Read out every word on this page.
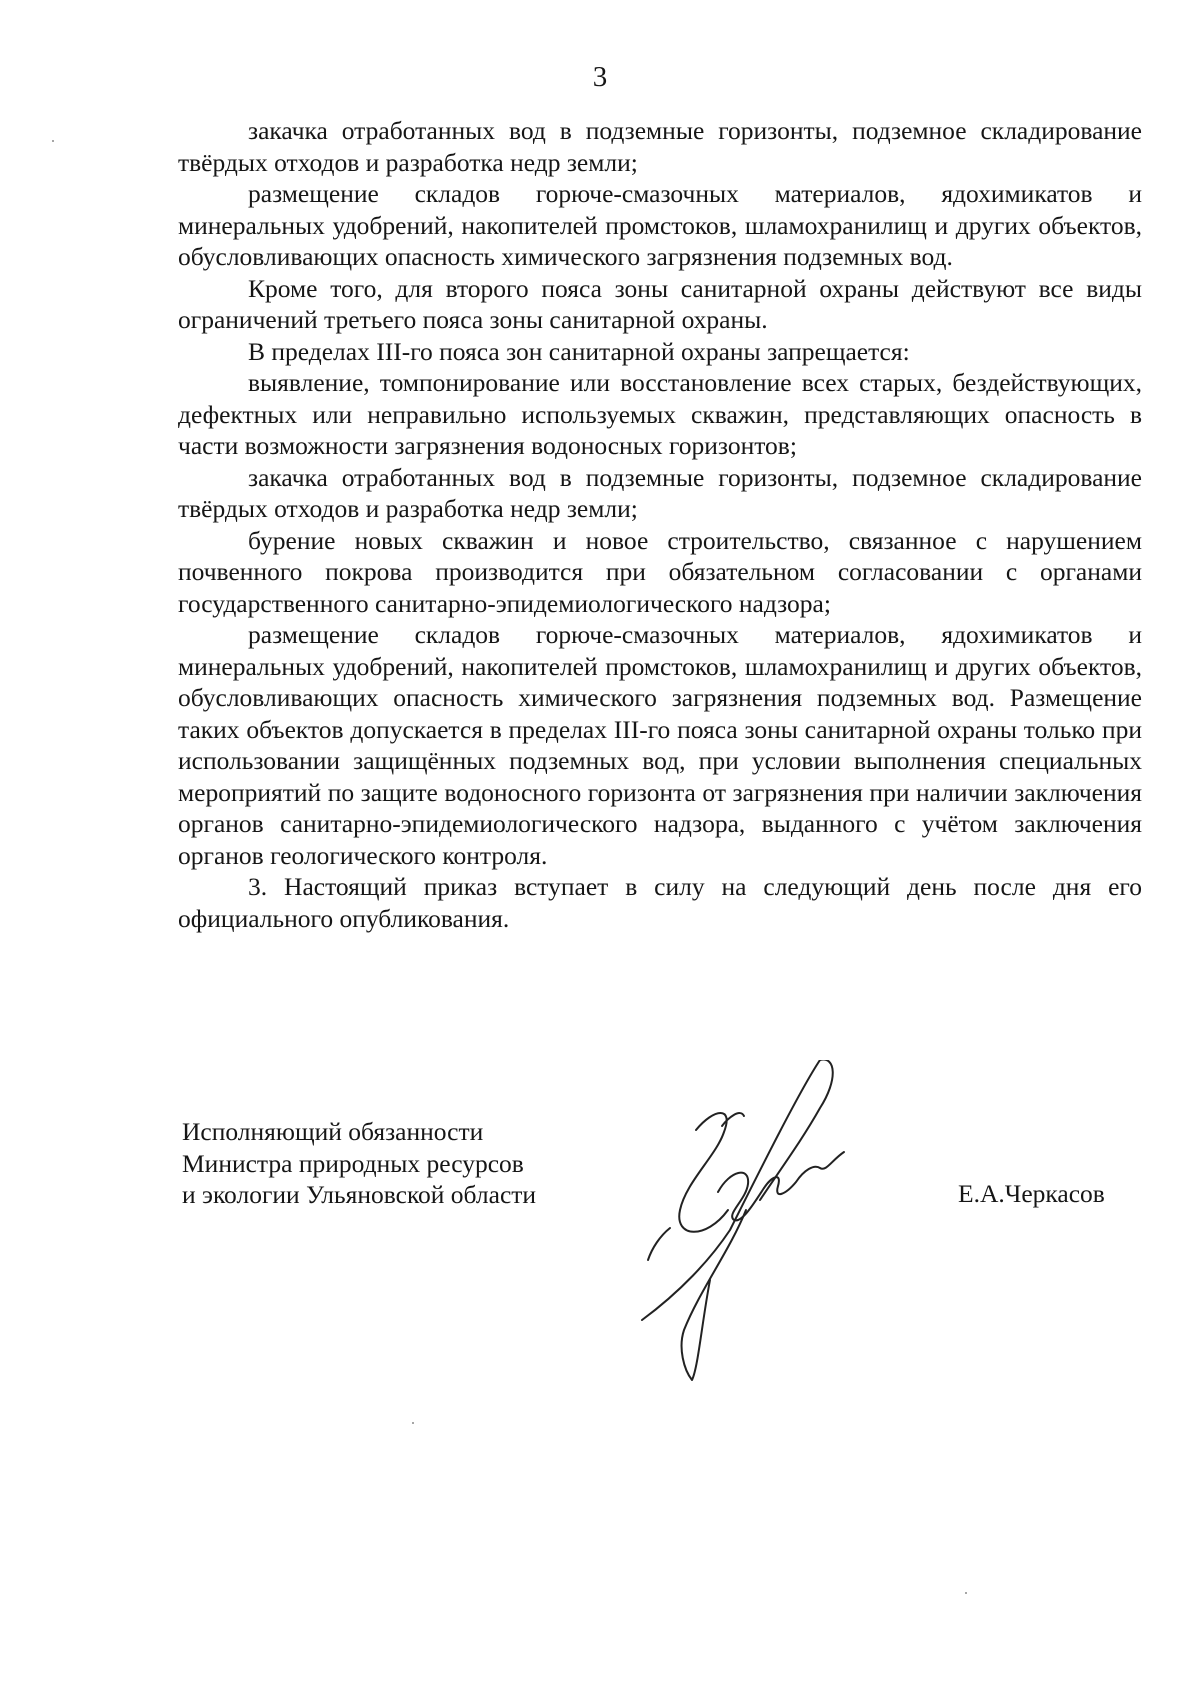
3

закачка отработанных вод в подземные горизонты, подземное складирование твёрдых отходов и разработка недр земли;

размещение складов горюче-смазочных материалов, ядохимикатов и минеральных удобрений, накопителей промстоков, шламохранилищ и других объектов, обусловливающих опасность химического загрязнения подземных вод.

Кроме того, для второго пояса зоны санитарной охраны действуют все виды ограничений третьего пояса зоны санитарной охраны.

В пределах III-го пояса зон санитарной охраны запрещается:

выявление, томпонирование или восстановление всех старых, бездействующих, дефектных или неправильно используемых скважин, представляющих опасность в части возможности загрязнения водоносных горизонтов;

закачка отработанных вод в подземные горизонты, подземное складирование твёрдых отходов и разработка недр земли;

бурение новых скважин и новое строительство, связанное с нарушением почвенного покрова производится при обязательном согласовании с органами государственного санитарно-эпидемиологического надзора;

размещение складов горюче-смазочных материалов, ядохимикатов и минеральных удобрений, накопителей промстоков, шламохранилищ и других объектов, обусловливающих опасность химического загрязнения подземных вод. Размещение таких объектов допускается в пределах III-го пояса зоны санитарной охраны только при использовании защищённых подземных вод, при условии выполнения специальных мероприятий по защите водоносного горизонта от загрязнения при наличии заключения органов санитарно-эпидемиологического надзора, выданного с учётом заключения органов геологического контроля.

3. Настоящий приказ вступает в силу на следующий день после дня его официального опубликования.

Исполняющий обязанности
Министра природных ресурсов
и экологии Ульяновской области	Е.А.Черкасов
